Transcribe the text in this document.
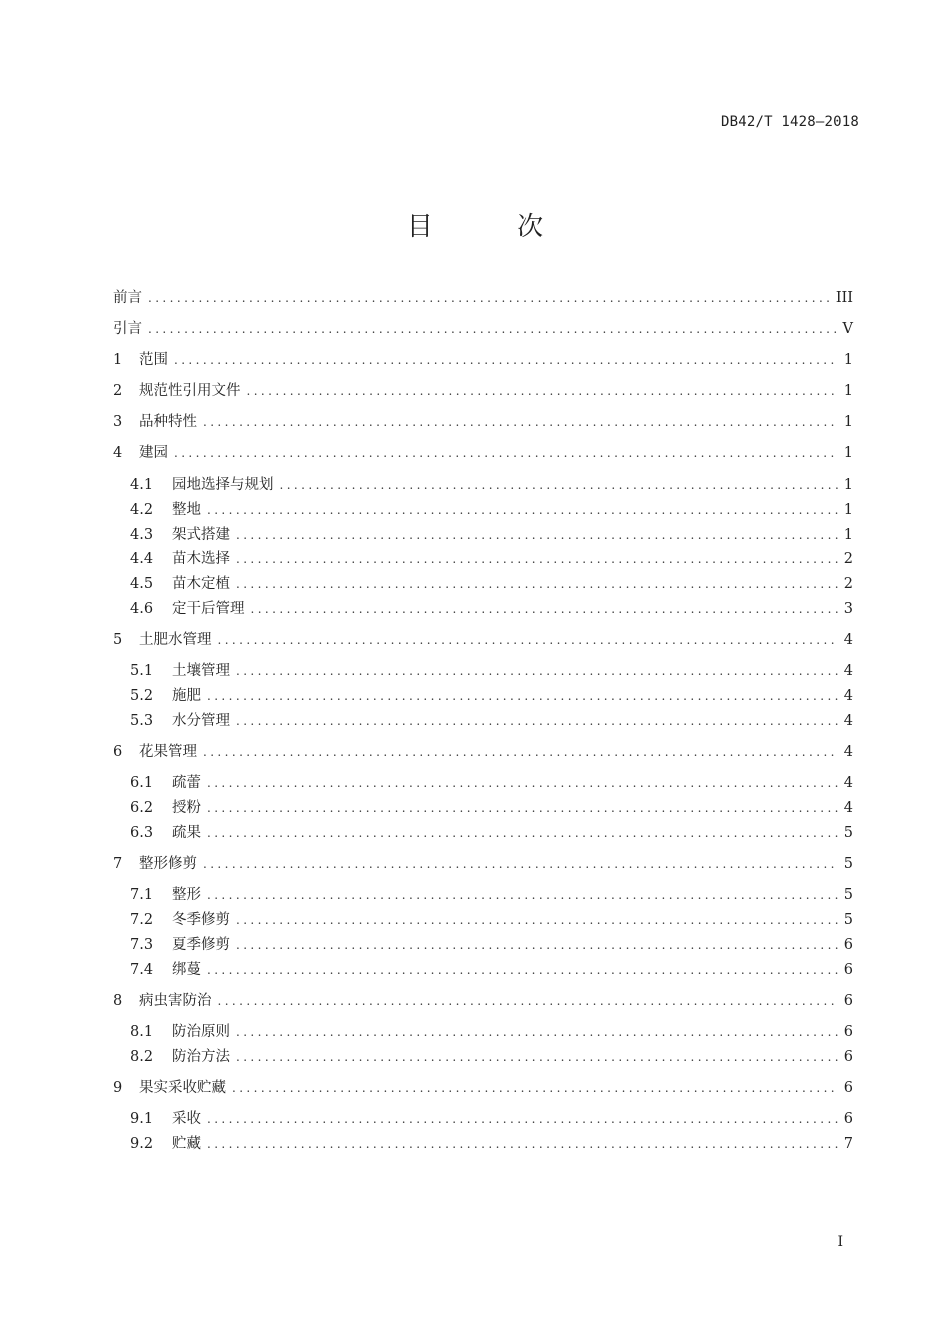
DB42/T 1428—2018
目 次
前言 .....	III
引言 .....	V
1	范围 .....	1
2	规范性引用文件 .....	1
3	品种特性 .....	1
4	建园 .....	1
4.1	园地选择与规划 .....	1
4.2	整地 .....	1
4.3	架式搭建 .....	1
4.4	苗木选择 .....	2
4.5	苗木定植 .....	2
4.6	定干后管理 .....	3
5	土肥水管理 .....	4
5.1	土壤管理 .....	4
5.2	施肥 .....	4
5.3	水分管理 .....	4
6	花果管理 .....	4
6.1	疏蕾 .....	4
6.2	授粉 .....	4
6.3	疏果 .....	5
7	整形修剪 .....	5
7.1	整形 .....	5
7.2	冬季修剪 .....	5
7.3	夏季修剪 .....	6
7.4	绑蔓 .....	6
8	病虫害防治 .....	6
8.1	防治原则 .....	6
8.2	防治方法 .....	6
9	果实采收贮藏 .....	6
9.1	采收 .....	6
9.2	贮藏 .....	7
I
